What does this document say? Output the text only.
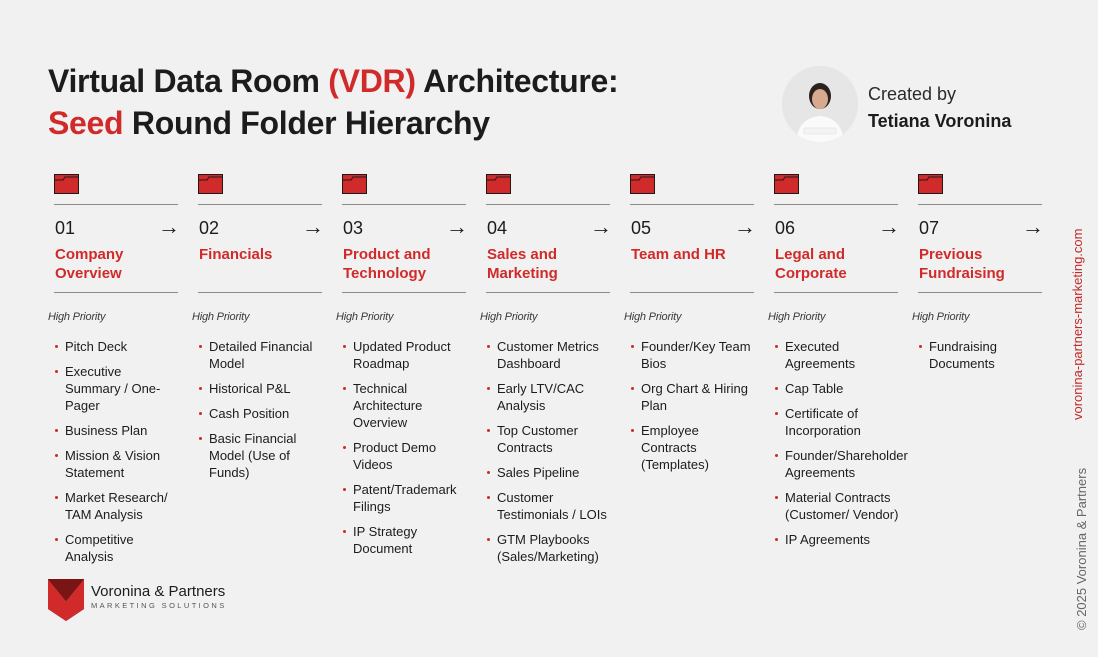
Virtual Data Room (VDR) Architecture:
Seed Round Folder Hierarchy
Created by
Tetiana Voronina
01	→
Company Overview
High Priority
Pitch Deck
Executive Summary / One-Pager
Business Plan
Mission & Vision Statement
Market Research/ TAM Analysis
Competitive Analysis
02	→
Financials
High Priority
Detailed Financial Model
Historical P&L
Cash Position
Basic Financial Model (Use of Funds)
03	→
Product and Technology
High Priority
Updated Product Roadmap
Technical Architecture Overview
Product Demo Videos
Patent/Trademark Filings
IP Strategy Document
04	→
Sales and Marketing
High Priority
Customer Metrics Dashboard
Early LTV/CAC Analysis
Top Customer Contracts
Sales Pipeline
Customer Testimonials / LOIs
GTM Playbooks (Sales/Marketing)
05	→
Team and HR
High Priority
Founder/Key Team Bios
Org Chart & Hiring Plan
Employee Contracts (Templates)
06	→
Legal and Corporate
High Priority
Executed Agreements
Cap Table
Certificate of Incorporation
Founder/Shareholder Agreements
Material Contracts (Customer/ Vendor)
IP Agreements
07	→
Previous Fundraising
High Priority
Fundraising Documents
Voronina & Partners
MARKETING SOLUTIONS
voronina-partners-marketing.com
© 2025 Voronina & Partners
